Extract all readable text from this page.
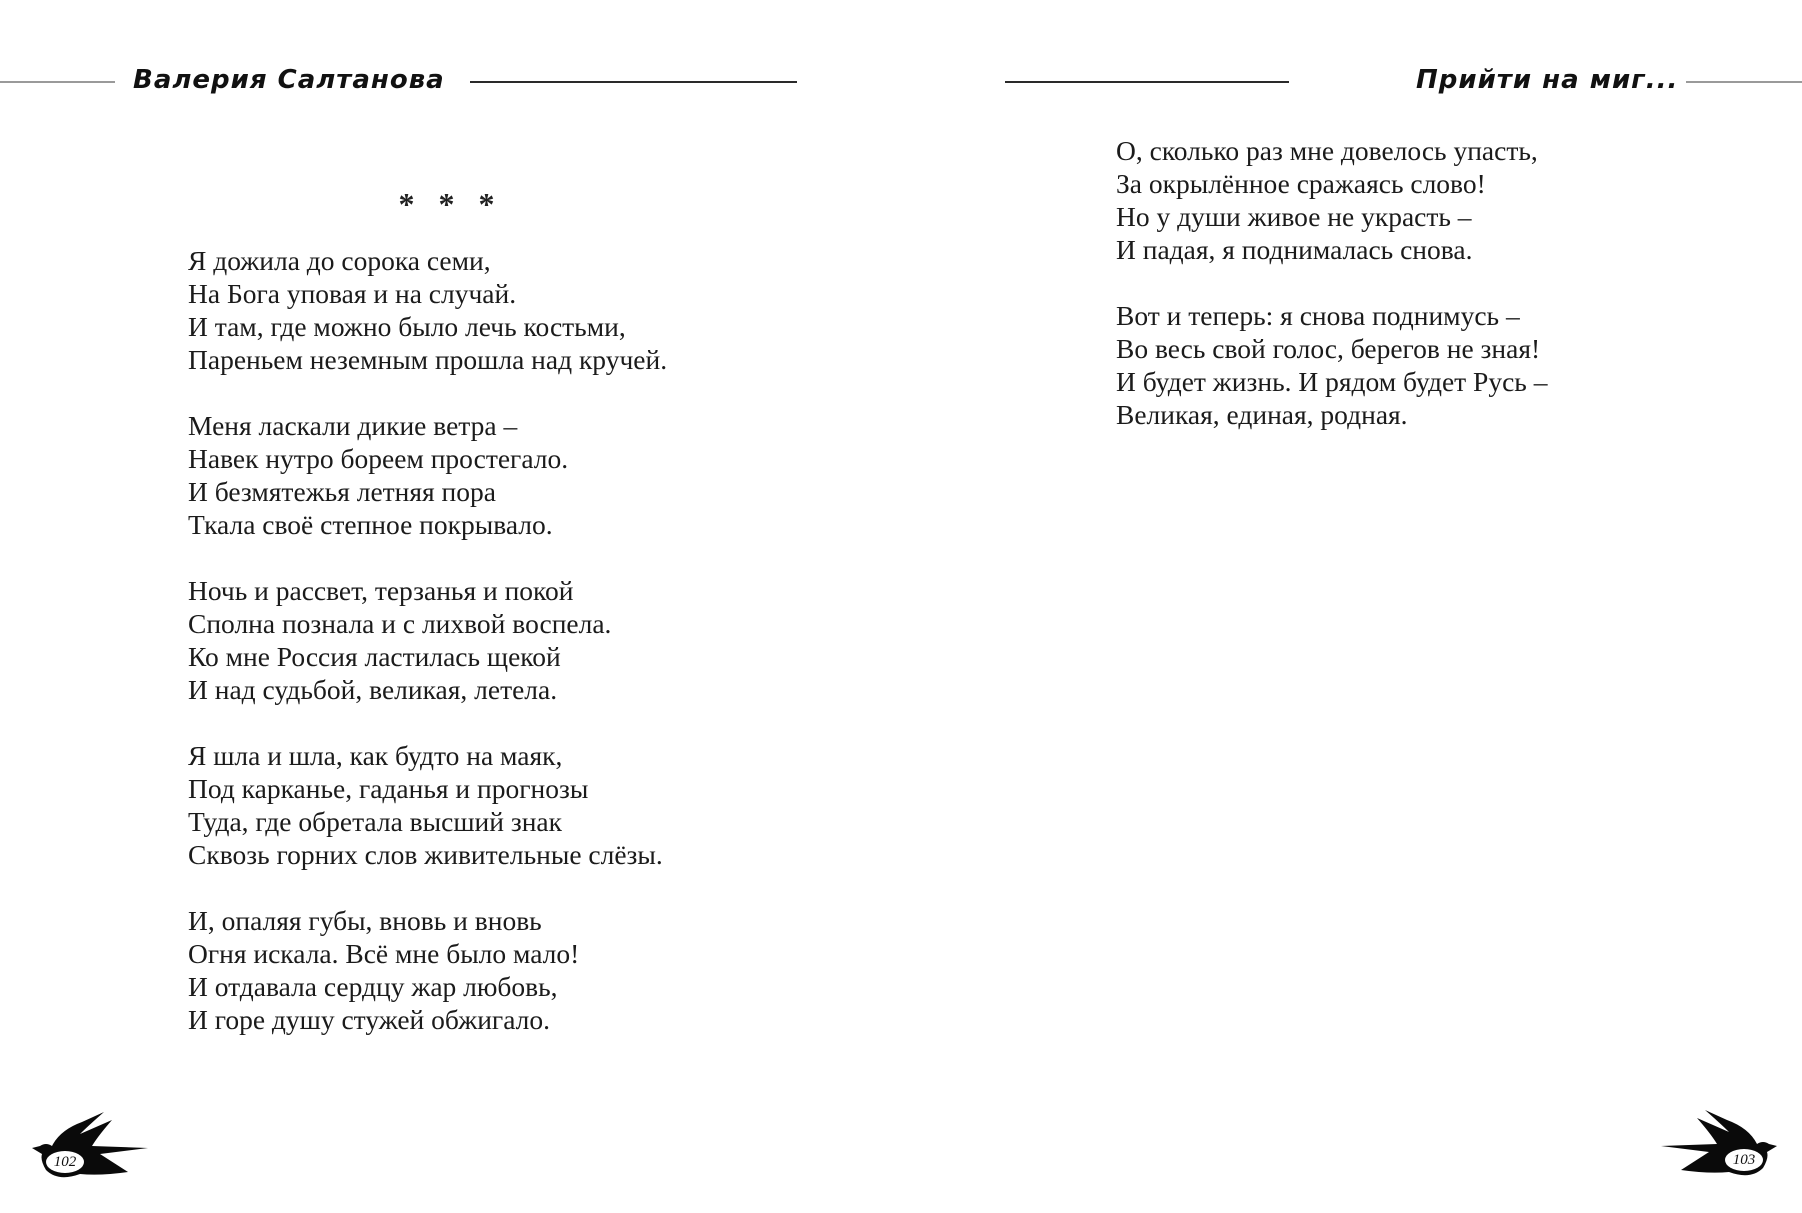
Валерия Салтанова
* * *
Я дожила до сорока семи,
На Бога уповая и на случай.
И там, где можно было лечь костьми,
Пареньем неземным прошла над кручей.
Меня ласкали дикие ветра –
Навек нутро бореем простегало.
И безмятежья летняя пора
Ткала своё степное покрывало.
Ночь и рассвет, терзанья и покой
Сполна познала и с лихвой воспела.
Ко мне Россия ластилась щекой
И над судьбой, великая, летела.
Я шла и шла, как будто на маяк,
Под карканье, гаданья и прогнозы
Туда, где обретала высший знак
Сквозь горних слов живительные слёзы.
И, опаляя губы, вновь и вновь
Огня искала. Всё мне было мало!
И отдавала сердцу жар любовь,
И горе душу стужей обжигало.
102
Прийти на миг...
О, сколько раз мне довелось упасть,
За окрылённое сражаясь слово!
Но у души живое не украсть –
И падая, я поднималась снова.
Вот и теперь: я снова поднимусь –
Во весь свой голос, берегов не зная!
И будет жизнь. И рядом будет Русь –
Великая, единая, родная.
103
